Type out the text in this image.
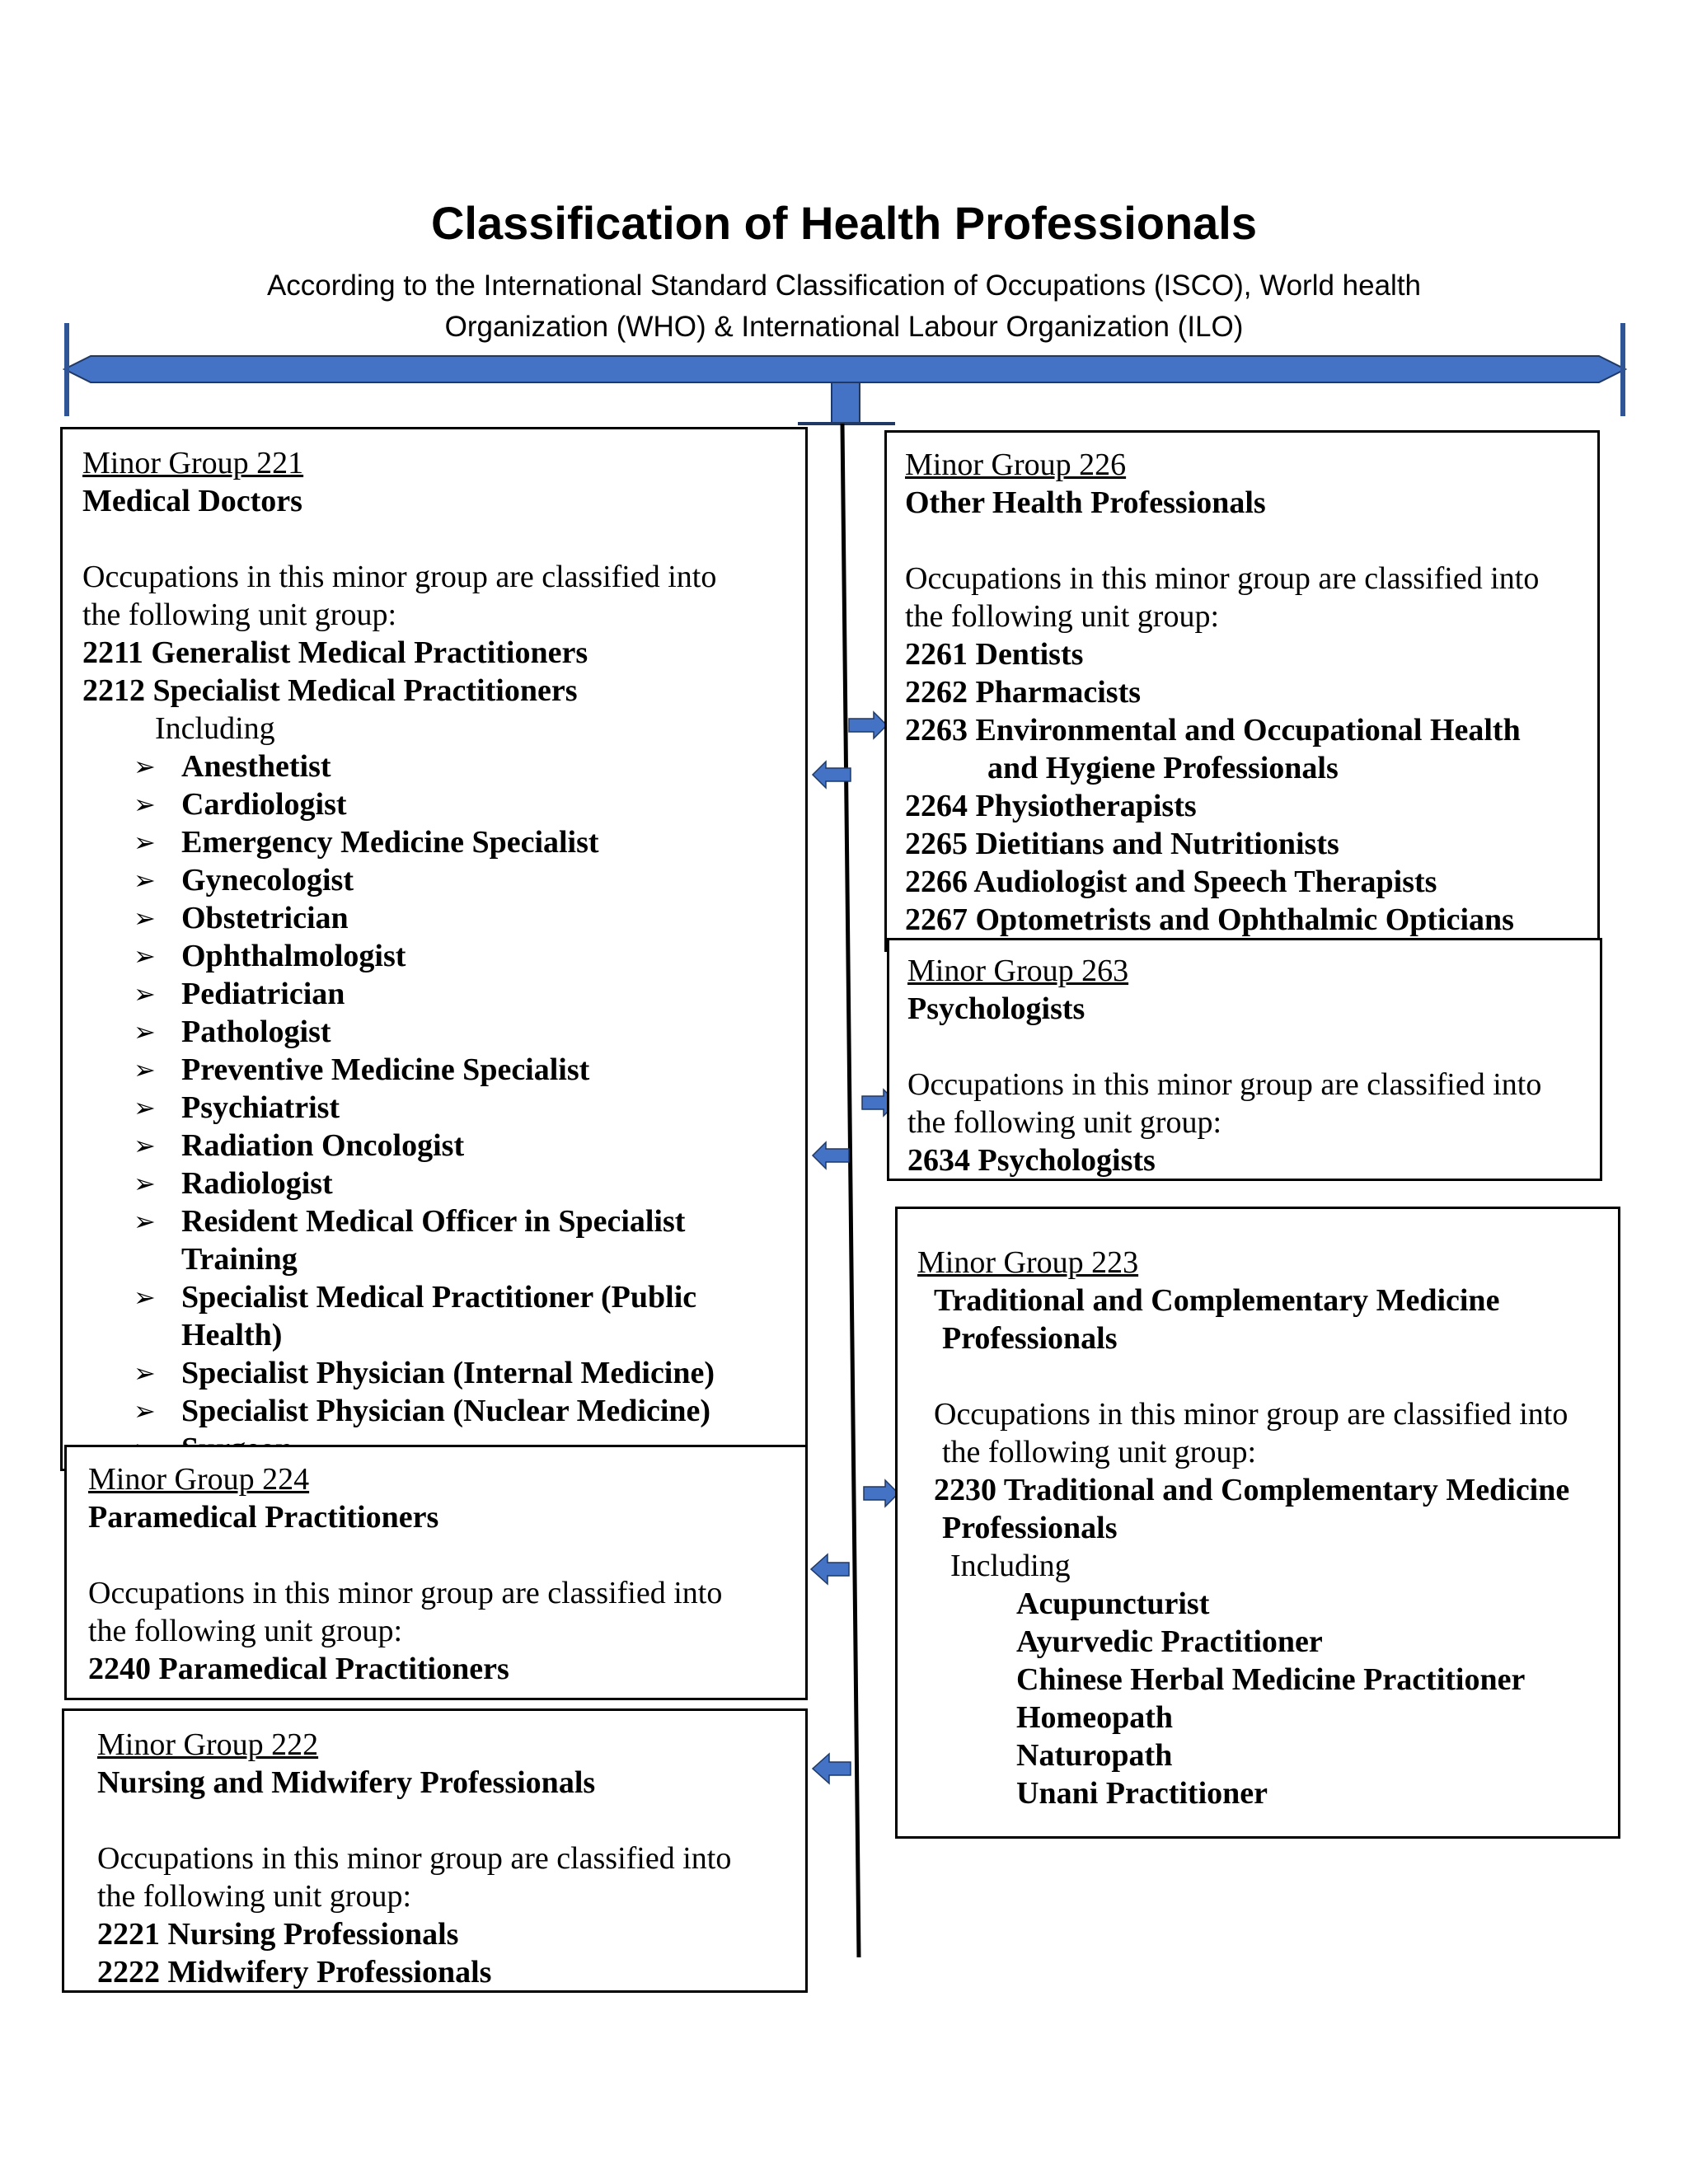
Classification of Health Professionals
According to the International Standard Classification of Occupations (ISCO), World health
Organization (WHO) & International Labour Organization (ILO)

Minor Group 221

Medical Doctors

Occupations in this minor group are classified into

the following unit group:

2211 Generalist Medical Practitioners

2212 Specialist Medical Practitioners

Including

➢ Anesthetist
➢ Cardiologist
➢ Emergency Medicine Specialist
➢ Gynecologist
➢ Obstetrician
➢ Ophthalmologist
➢ Pediatrician
➢ Pathologist
➢ Preventive Medicine Specialist
➢ Psychiatrist
➢ Radiation Oncologist
➢ Radiologist
➢ Resident Medical Officer in Specialist Training
➢ Specialist Medical Practitioner (Public Health)
➢ Specialist Physician (Internal Medicine)
➢ Specialist Physician (Nuclear Medicine)

Minor Group 226

Other Health Professionals

Occupations in this minor group are classified into

the following unit group:

2261 Dentists

2262 Pharmacists

2263 Environmental and Occupational Health

and Hygiene Professionals

2264 Physiotherapists

2265 Dietitians and Nutritionists

2266 Audiologist and Speech Therapists

2267 Optometrists and Ophthalmic Opticians

Minor Group 263

Psychologists

Occupations in this minor group are classified into

the following unit group:

2634 Psychologists

Minor Group 223

Traditional and Complementary Medicine

Professionals

Occupations in this minor group are classified into

the following unit group:

2230 Traditional and Complementary Medicine

Professionals

Including

Acupuncturist

Ayurvedic Practitioner

Chinese Herbal Medicine Practitioner

Homeopath

Naturopath

Unani Practitioner

Minor Group 224

Paramedical Practitioners

Occupations in this minor group are classified into

the following unit group:

2240 Paramedical Practitioners

Minor Group 222

Nursing and Midwifery Professionals

Occupations in this minor group are classified into

the following unit group:

2221 Nursing Professionals

2222 Midwifery Professionals
